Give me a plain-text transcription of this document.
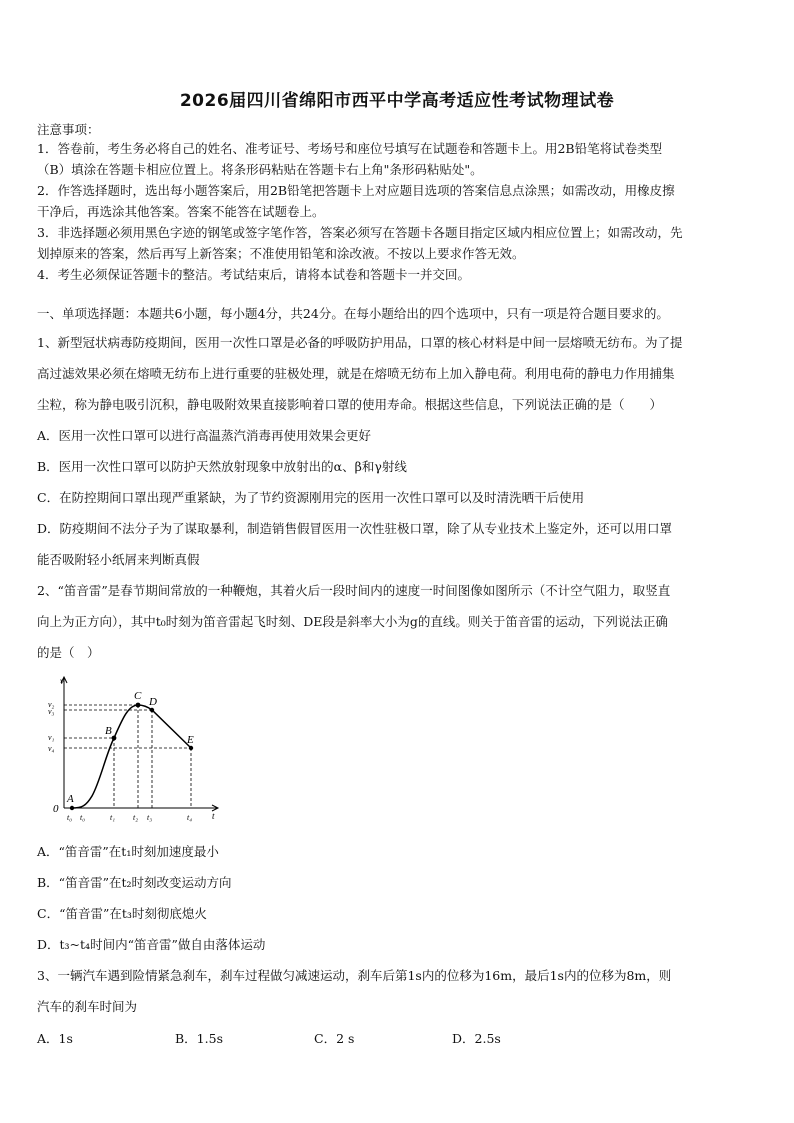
2026届四川省绵阳市西平中学高考适应性考试物理试卷
注意事项：
1．答卷前，考生务必将自己的姓名、准考证号、考场号和座位号填写在试题卷和答题卡上。用2B铅笔将试卷类型
（B）填涂在答题卡相应位置上。将条形码粘贴在答题卡右上角"条形码粘贴处"。
2．作答选择题时，选出每小题答案后，用2B铅笔把答题卡上对应题目选项的答案信息点涂黑；如需改动，用橡皮擦
干净后，再选涂其他答案。答案不能答在试题卷上。
3．非选择题必须用黑色字迹的钢笔或签字笔作答，答案必须写在答题卡各题目指定区域内相应位置上；如需改动，先
划掉原来的答案，然后再写上新答案；不准使用铅笔和涂改液。不按以上要求作答无效。
4．考生必须保证答题卡的整洁。考试结束后，请将本试卷和答题卡一并交回。
一、单项选择题：本题共6小题，每小题4分，共24分。在每小题给出的四个选项中，只有一项是符合题目要求的。
1、新型冠状病毒防疫期间，医用一次性口罩是必备的呼吸防护用品，口罩的核心材料是中间一层熔喷无纺布。为了提
高过滤效果必须在熔喷无纺布上进行重要的驻极处理，就是在熔喷无纺布上加入静电荷。利用电荷的静电力作用捕集
尘粒，称为静电吸引沉积，静电吸附效果直接影响着口罩的使用寿命。根据这些信息，下列说法正确的是（　　）
A．医用一次性口罩可以进行高温蒸汽消毒再使用效果会更好
B．医用一次性口罩可以防护天然放射现象中放射出的α、β和γ射线
C．在防控期间口罩出现严重紧缺，为了节约资源刚用完的医用一次性口罩可以及时清洗晒干后使用
D．防疫期间不法分子为了谋取暴利，制造销售假冒医用一次性驻极口罩，除了从专业技术上鉴定外，还可以用口罩
能否吸附轻小纸屑来判断真假
2、“笛音雷”是春节期间常放的一种鞭炮，其着火后一段时间内的速度一时间图像如图所示（不计空气阻力，取竖直
向上为正方向），其中t₀时刻为笛音雷起飞时刻、DE段是斜率大小为g的直线。则关于笛音雷的运动，下列说法正确
的是（　）
A
B
C D
E
v
t
0
v₂
v₃
v₁
v₄
t₀ t₀	t₁ t₂ t₃	t₄
A．“笛音雷”在t₁时刻加速度最小
B．“笛音雷”在t₂时刻改变运动方向
C．“笛音雷”在t₃时刻彻底熄火
D．t₃~t₄时间内“笛音雷”做自由落体运动
3、一辆汽车遇到险情紧急刹车，刹车过程做匀减速运动，刹车后第1s内的位移为16m，最后1s内的位移为8m，则
汽车的刹车时间为
A．1s	B．1.5s	C．2 s	D．2.5s
